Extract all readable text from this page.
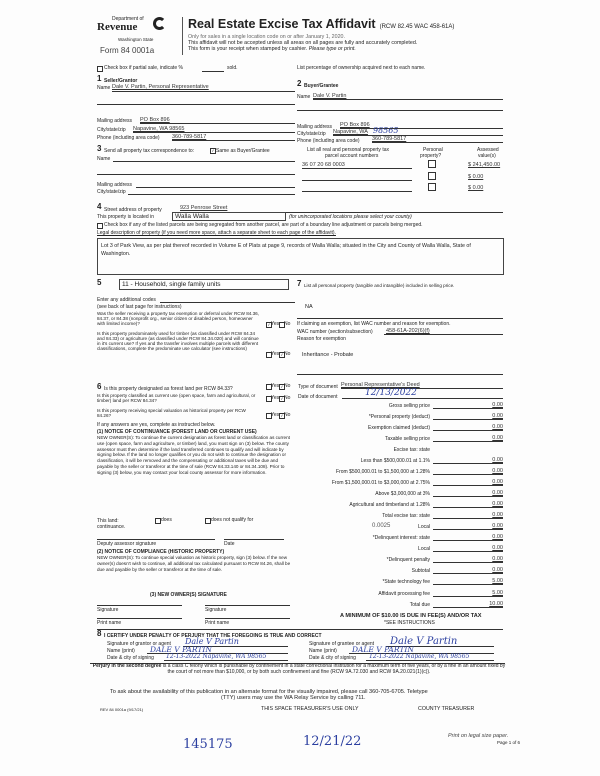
Department of
Revenue
Washington State
Form 84 0001a
Real Estate Excise Tax Affidavit (RCW 82.45 WAC 458-61A)
Only for sales in a single location code on or after January 1, 2020.
This affidavit will not be accepted unless all areas on all pages are fully and accurately completed.
This form is your receipt when stamped by cashier. Please type or print.
Check box if partial sale, indicate %	sold.	List percentage of ownership acquired next to each name.
1 Seller/Grantor
Name Dale V. Partin, Personal Representative
Mailing address PO Box 896
City/state/zip Napavine, WA 98565
Phone (including area code) 360-789-5817
2 Buyer/Grantee
Name Dale V. Partin
Mailing address PO Box 896
City/state/zip Napavine, WA 98565
Phone (including area code) 360-789-5817
3 Send all property tax correspondence to:	✓ Same as Buyer/Grantee
Name
Mailing address
City/state/zip
List all real and personal property tax
parcel account numbers
Personal
property?
Assessed
value(s)
36 07 20 68 0003	$ 241,450.00
$ 0.00
$ 0.00
4 Street address of property	923 Penrose Street
This property is located in	Walla Walla	(for unincorporated locations please select your county)
Check box if any of the listed parcels are being segregated from another parcel, are part of a boundary line adjustment or parcels being merged.
Legal description of property (if you need more space, attach a separate sheet to each page of the affidavit).
Lot 3 of Park View, as per plat thereof recorded in Volume E of Plats at page 9, records of Walla Walla; situated in the City and County of Walla Walla, State of Washington.
5	11 - Household, single family units
Enter any additional codes
(see back of last page for instructions)
Was the seller receiving a property tax exemption or deferral under RCW 84.36, 84.37, or 84.38 (nonprofit org., senior citizen or disabled person, homeowner with limited income)?	✓ Yes No
Is this property predominately used for timber (as classified under RCW 84.34 and 84.33) or agriculture (as classified under RCW 84.34.020) and will continue in it's current use? If yes and the transfer involves multiple parcels with different classifications, complete the predominate use calculator (see instructions)
Yes ✓ No
6 Is this property designated as forest land per RCW 84.33?	Yes ✓ No
Is this property classified as current use (open space, farm and agricultural, or timber) land per RCW 84.34?	Yes ✓ No
Is this property receiving special valuation as historical property per RCW 84.26?	Yes ✓ No
If any answers are yes, complete as instructed below.
(1) NOTICE OF CONTINUANCE (FOREST LAND OR CURRENT USE)
NEW OWNER(S): To continue the current designation as forest land or classification as current use (open space, farm and agriculture, or timber) land, you must sign on (3) below. The county assessor must then determine if the land transferred continues to qualify and will indicate by signing below. If the land no longer qualifies or you do not wish to continue the designation or classification, it will be removed and the compensating or additional taxes will be due and payable by the seller or transferor at the time of sale (RCW 84.33.140 or 84.34.108). Prior to signing (3) below, you may contact your local county assessor for more information.
This land:
continuance.
does	does not qualify for
Deputy assessor signature	Date
(2) NOTICE OF COMPLIANCE (HISTORIC PROPERTY)
NEW OWNER(S): To continue special valuation as historic property, sign (3) below. If the new owner(s) doesn't wish to continue, all additional tax calculated pursuant to RCW 84.26, shall be due and payable by the seller or transferor at the time of sale.
(3) NEW OWNER(S) SIGNATURE
Signature	Signature
Print name	Print name
7 List all personal property (tangible and intangible) included in selling price.
NA
If claiming an exemption, list WAC number and reason for exemption.
WAC number (section/subsection) 458-61A-202(6)(f)
Reason for exemption
Inheritance - Probate
Type of document Personal Representative's Deed
Date of document	12/13/2022
Gross selling price	0.00
*Personal property (deduct)	0.00
Exemption claimed (deduct)	0.00
Taxable selling price	0.00
Excise tax: state
Less than $500,000.01 at 1.1%	0.00
From $500,000.01 to $1,500,000 at 1.28%	0.00
From $1,500,000.01 to $3,000,000 at 2.75%	0.00
Above $3,000,000 at 3%	0.00
Agricultural and timberland at 1.28%	0.00
Total excise tax: state	0.00
Local	0.00
*Delinquent interest: state	0.00
Local	0.00
*Delinquent penalty	0.00
Subtotal	0.00
*State technology fee	5.00
Affidavit processing fee	5.00
Total due	10.00
0.0025
A MINIMUM OF $10.00 IS DUE IN FEE(S) AND/OR TAX
*SEE INSTRUCTIONS
8 I CERTIFY UNDER PENALTY OF PERJURY THAT THE FOREGOING IS TRUE AND CORRECT
Signature of grantor or agent Dale V Partin
Name (print) DALE V PARTIN
Date & city of signing 12-13-2022 Napavine, WA 98565
Signature of grantee or agent Dale V Partin
Name (print) DALE V PARTIN
Date & city of signing 12-13-2022 Napavine, WA 98565
Perjury in the second degree is a class C felony which is punishable by confinement in a state correctional institution for a maximum term of five years, or by a fine in an amount fixed by the court of not more than $10,000, or by both such confinement and fine (RCW 9A.72.030 and RCW 9A.20.021(1)(c)).
To ask about the availability of this publication in an alternate format for the visually impaired, please call 360-705-6705. Teletype
(TTY) users may use the WA Relay Service by calling 711.
REV 84 0001a (9/17/21)	THIS SPACE TREASURER'S USE ONLY	COUNTY TREASURER
145175	12/21/22	Print on legal size paper.
Page 1 of 6
